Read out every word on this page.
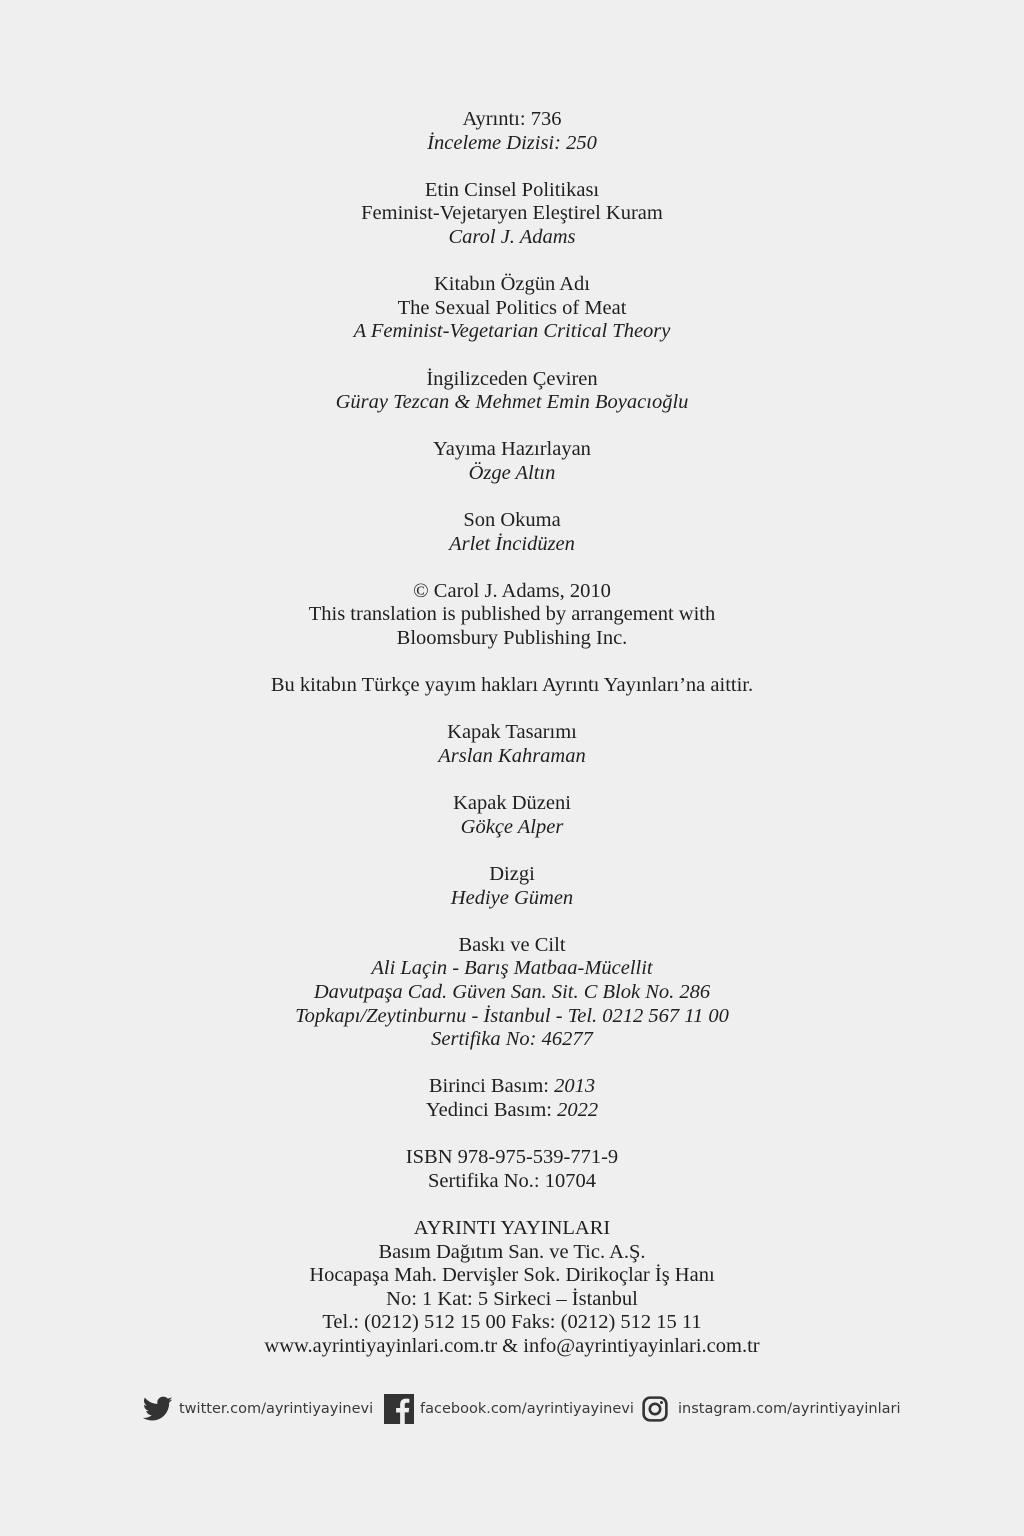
Ayrıntı: 736
İnceleme Dizisi: 250
Etin Cinsel Politikası
Feminist-Vejetaryen Eleştirel Kuram
Carol J. Adams
Kitabın Özgün Adı
The Sexual Politics of Meat
A Feminist-Vegetarian Critical Theory
İngilizceden Çeviren
Güray Tezcan & Mehmet Emin Boyacıoğlu
Yayıma Hazırlayan
Özge Altın
Son Okuma
Arlet İncidüzen
© Carol J. Adams, 2010
This translation is published by arrangement with
Bloomsbury Publishing Inc.
Bu kitabın Türkçe yayım hakları Ayrıntı Yayınları’na aittir.
Kapak Tasarımı
Arslan Kahraman
Kapak Düzeni
Gökçe Alper
Dizgi
Hediye Gümen
Baskı ve Cilt
Ali Laçin - Barış Matbaa-Mücellit
Davutpaşa Cad. Güven San. Sit. C Blok No. 286
Topkapı/Zeytinburnu - İstanbul - Tel. 0212 567 11 00
Sertifika No: 46277
Birinci Basım: 2013
Yedinci Basım: 2022
ISBN 978-975-539-771-9
Sertifika No.: 10704
AYRINTI YAYINLARI
Basım Dağıtım San. ve Tic. A.Ş.
Hocapaşa Mah. Dervişler Sok. Dirikoçlar İş Hanı
No: 1 Kat: 5 Sirkeci – İstanbul
Tel.: (0212) 512 15 00 Faks: (0212) 512 15 11
www.ayrintiyayinlari.com.tr & info@ayrintiyayinlari.com.tr
twitter.com/ayrintiyayinevi	facebook.com/ayrintiyayinevi	instagram.com/ayrintiyayinlari
